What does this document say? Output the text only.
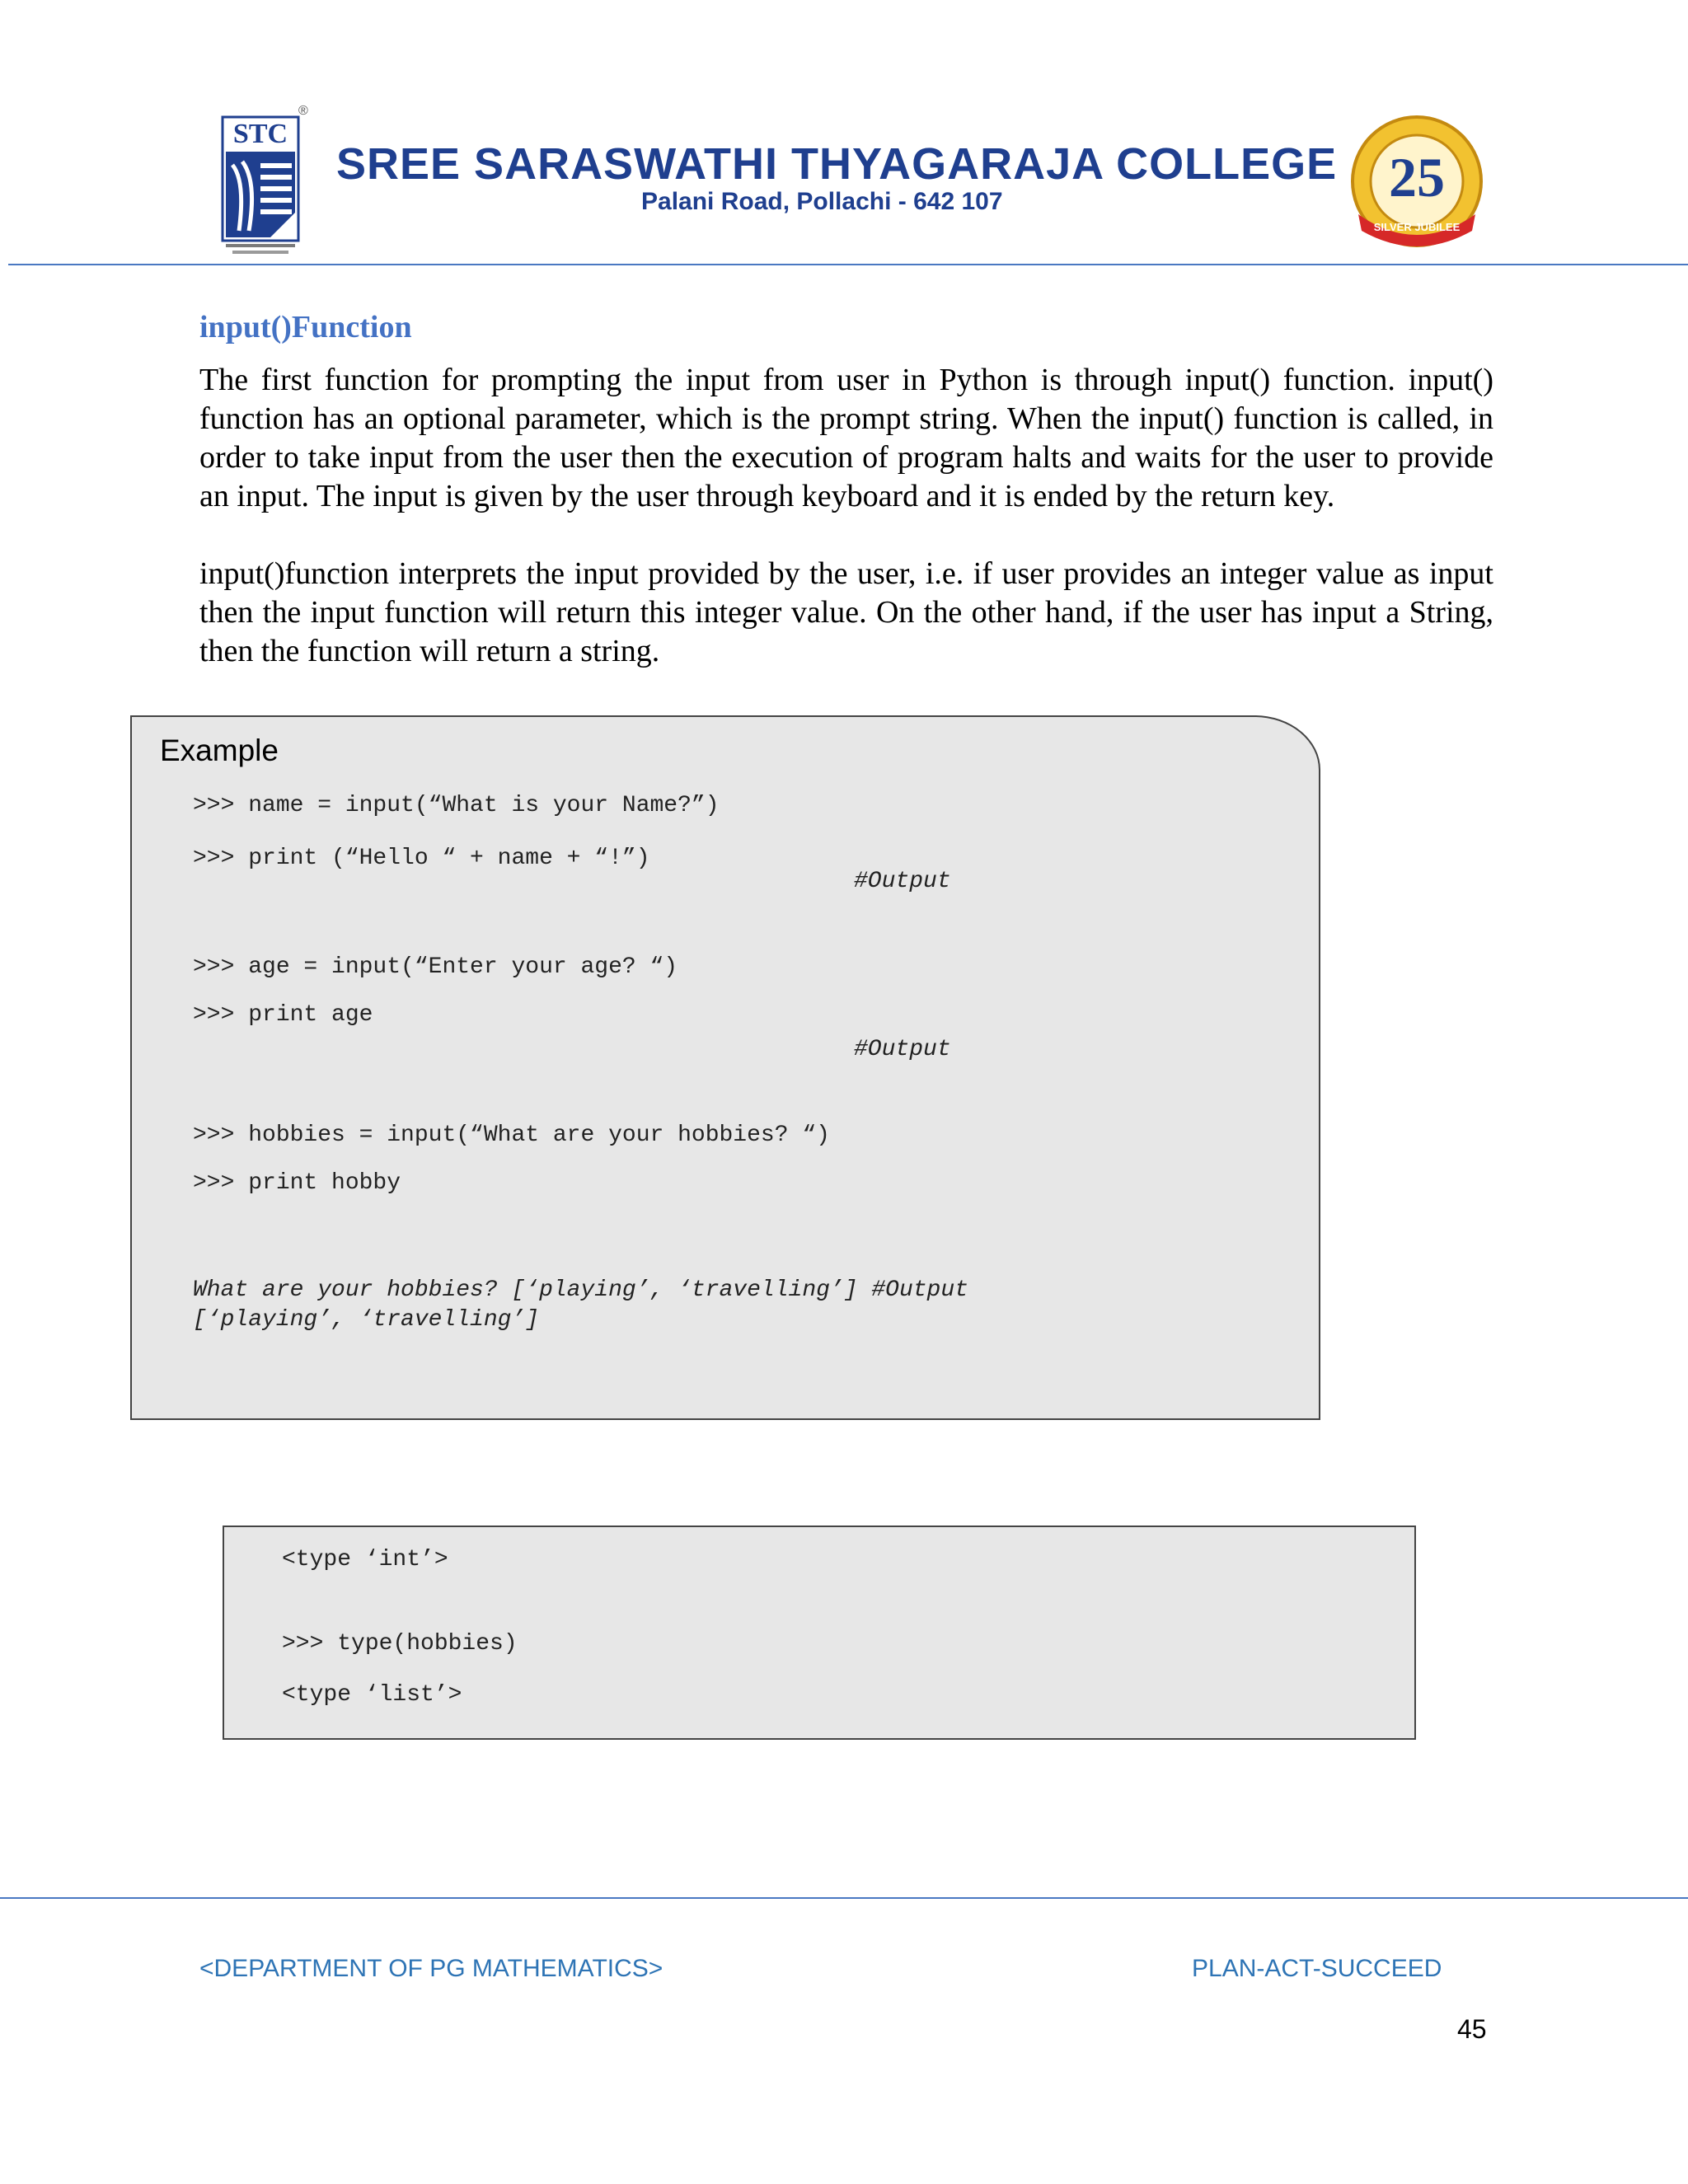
STC
®
SREE SARASWATHI THYAGARAJA COLLEGE
Palani Road, Pollachi - 642 107	25
SILVER JUBILEE
input()Function

The first function for prompting the input from user in Python is through input() function. input() function has an optional parameter, which is the prompt string. When the input() function is called, in order to take input from the user then the execution of program halts and waits for the user to provide an input. The input is given by the user through keyboard and it is ended by the return key.

input()function interprets the input provided by the user, i.e. if user provides an integer value as input then the input function will return this integer value. On the other hand, if the user has input a String, then the function will return a string.

Example
>>> name = input(“What is your Name?”)
>>> print (“Hello “ + name + “!”)
#Output
>>> age = input(“Enter your age? “)
>>> print age
#Output
>>> hobbies = input(“What are your hobbies? “)
>>> print hobby
What are your hobbies? [‘playing’, ‘travelling’] #Output
[‘playing’, ‘travelling’]
<type ‘int’>
>>> type(hobbies)
<type ‘list’>
<DEPARTMENT OF PG MATHEMATICS>	PLAN-ACT-SUCCEED
45
